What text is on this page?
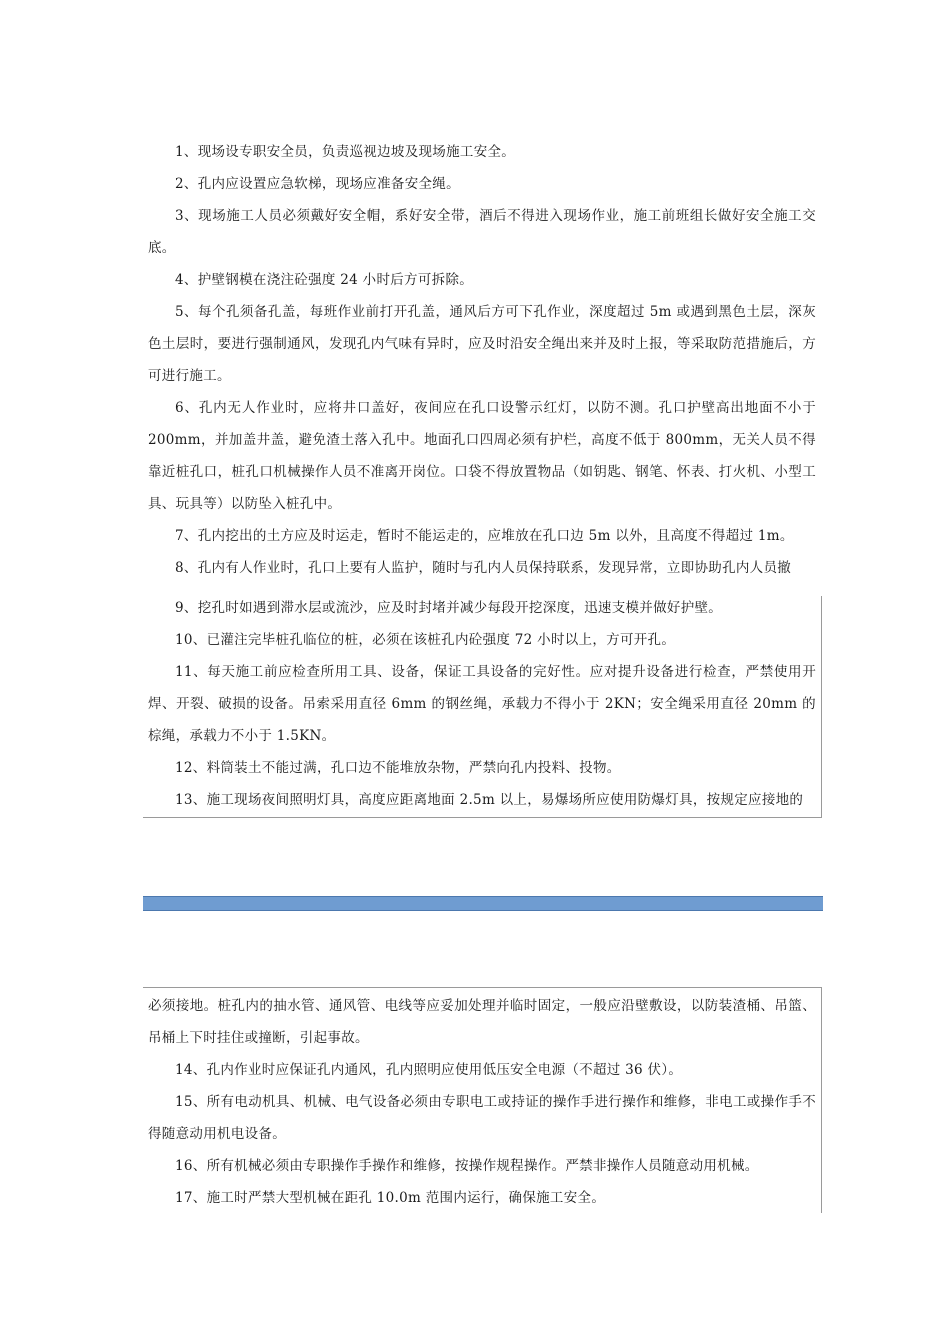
1、现场设专职安全员，负责巡视边坡及现场施工安全。

2、孔内应设置应急软梯，现场应准备安全绳。

3、现场施工人员必须戴好安全帽，系好安全带，酒后不得进入现场作业，施工前班组长做好安全施工交底。

4、护壁钢模在浇注砼强度 24 小时后方可拆除。

5、每个孔须备孔盖，每班作业前打开孔盖，通风后方可下孔作业，深度超过 5m 或遇到黑色土层，深灰色土层时，要进行强制通风，发现孔内气味有异时，应及时沿安全绳出来并及时上报，等采取防范措施后，方可进行施工。

6、孔内无人作业时，应将井口盖好，夜间应在孔口设警示红灯，以防不测。孔口护壁高出地面不小于 200mm，并加盖井盖，避免渣土落入孔中。地面孔口四周必须有护栏，高度不低于 800mm，无关人员不得靠近桩孔口，桩孔口机械操作人员不准离开岗位。口袋不得放置物品（如钥匙、钢笔、怀表、打火机、小型工具、玩具等）以防坠入桩孔中。

7、孔内挖出的土方应及时运走，暂时不能运走的，应堆放在孔口边 5m 以外，且高度不得超过 1m。

8、孔内有人作业时，孔口上要有人监护，随时与孔内人员保持联系，发现异常，立即协助孔内人员撤

9、挖孔时如遇到滞水层或流沙，应及时封堵并减少每段开挖深度，迅速支模并做好护壁。

10、已灌注完毕桩孔临位的桩，必须在该桩孔内砼强度 72 小时以上，方可开孔。

11、每天施工前应检查所用工具、设备，保证工具设备的完好性。应对提升设备进行检查，严禁使用开焊、开裂、破损的设备。吊索采用直径 6mm 的钢丝绳，承载力不得小于 2KN；安全绳采用直径 20mm 的棕绳，承载力不小于 1.5KN。

12、料筒装土不能过满，孔口边不能堆放杂物，严禁向孔内投料、投物。

13、施工现场夜间照明灯具，高度应距离地面 2.5m 以上，易爆场所应使用防爆灯具，按规定应接地的

必须接地。桩孔内的抽水管、通风管、电线等应妥加处理并临时固定，一般应沿壁敷设，以防装渣桶、吊篮、吊桶上下时挂住或撞断，引起事故。

14、孔内作业时应保证孔内通风，孔内照明应使用低压安全电源（不超过 36 伏）。

15、所有电动机具、机械、电气设备必须由专职电工或持证的操作手进行操作和维修，非电工或操作手不得随意动用机电设备。

16、所有机械必须由专职操作手操作和维修，按操作规程操作。严禁非操作人员随意动用机械。

17、施工时严禁大型机械在距孔 10.0m 范围内运行，确保施工安全。
